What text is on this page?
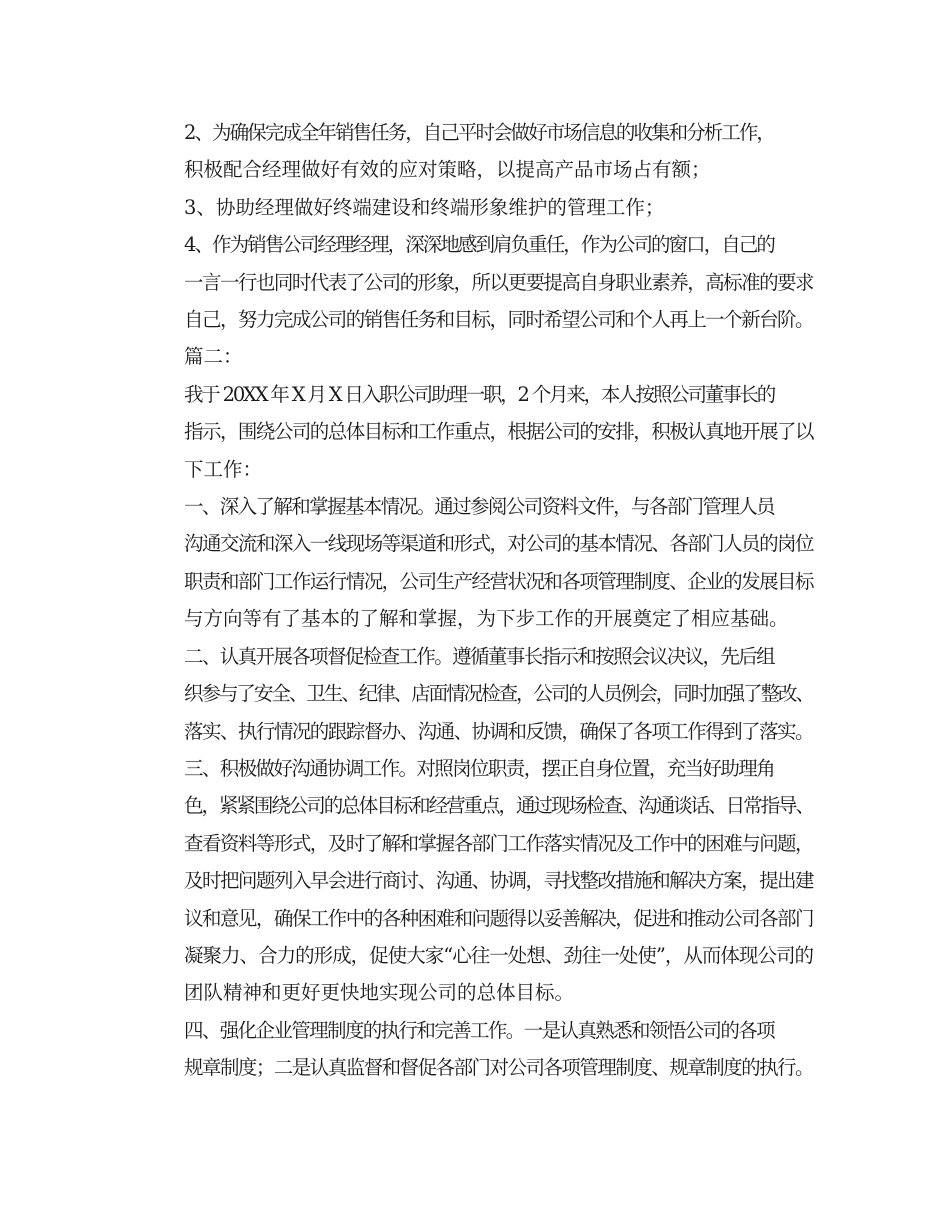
2、为确保完成全年销售任务，自己平时会做好市场信息的收集和分析工作，
积极配合经理做好有效的应对策略，以提高产品市场占有额；

3、协助经理做好终端建设和终端形象维护的管理工作；

4、作为销售公司经理经理，深深地感到肩负重任，作为公司的窗口，自己的
一言一行也同时代表了公司的形象，所以更要提高自身职业素养，高标准的要求
自己，努力完成公司的销售任务和目标，同时希望公司和个人再上一个新台阶。

篇二：

我于 20XX 年 X 月 X 日入职公司助理一职，2 个月来，本人按照公司董事长的
指示，围绕公司的总体目标和工作重点，根据公司的安排，积极认真地开展了以
下工作：

一、深入了解和掌握基本情况。通过参阅公司资料文件，与各部门管理人员
沟通交流和深入一线现场等渠道和形式，对公司的基本情况、各部门人员的岗位
职责和部门工作运行情况，公司生产经营状况和各项管理制度、企业的发展目标
与方向等有了基本的了解和掌握，为下步工作的开展奠定了相应基础。

二、认真开展各项督促检查工作。遵循董事长指示和按照会议决议，先后组
织参与了安全、卫生、纪律、店面情况检查，公司的人员例会，同时加强了整改、
落实、执行情况的跟踪督办、沟通、协调和反馈，确保了各项工作得到了落实。

三、积极做好沟通协调工作。对照岗位职责，摆正自身位置，充当好助理角
色，紧紧围绕公司的总体目标和经营重点，通过现场检查、沟通谈话、日常指导、
查看资料等形式，及时了解和掌握各部门工作落实情况及工作中的困难与问题，
及时把问题列入早会进行商讨、沟通、协调，寻找整改措施和解决方案，提出建
议和意见，确保工作中的各种困难和问题得以妥善解决，促进和推动公司各部门
凝聚力、合力的形成，促使大家“心往一处想、劲往一处使”，从而体现公司的
团队精神和更好更快地实现公司的总体目标。

四、强化企业管理制度的执行和完善工作。一是认真熟悉和领悟公司的各项
规章制度；二是认真监督和督促各部门对公司各项管理制度、规章制度的执行。
